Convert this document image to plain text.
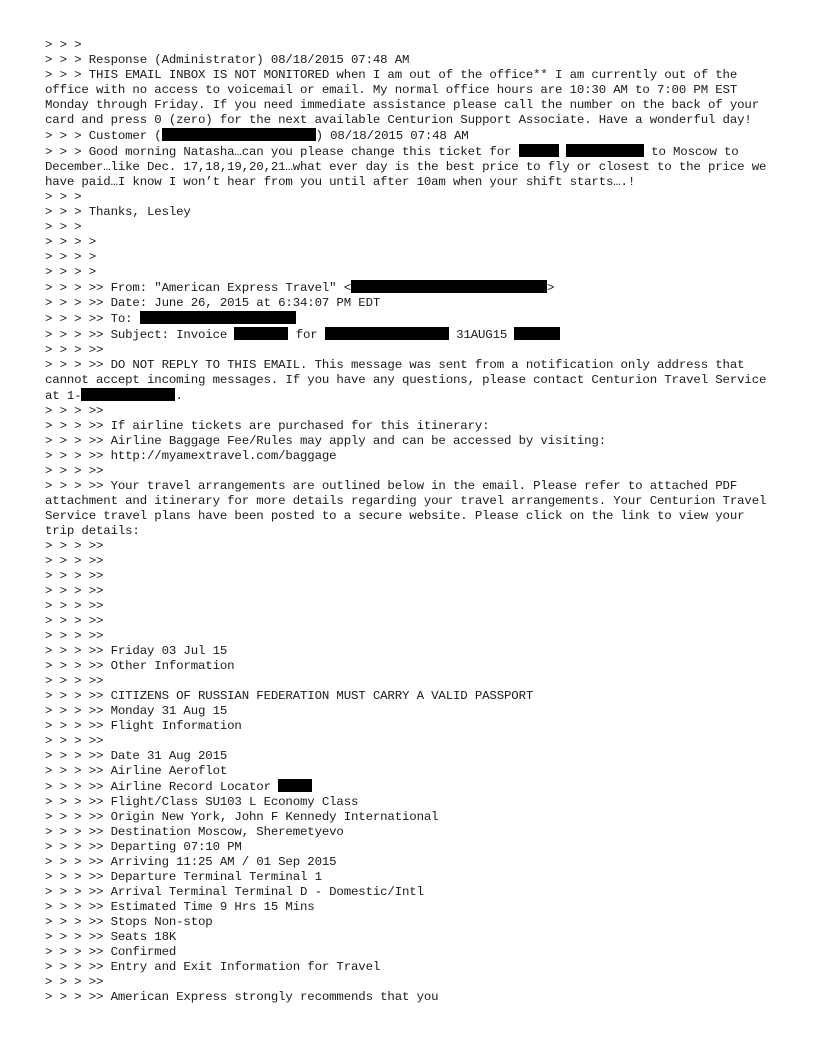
> > >
> > > Response (Administrator) 08/18/2015 07:48 AM
> > > THIS EMAIL INBOX IS NOT MONITORED when I am out of the office** I am currently out of the office with no access to voicemail or email. My normal office hours are 10:30 AM to 7:00 PM EST Monday through Friday. If you need immediate assistance please call the number on the back of your card and press 0 (zero) for the next available Centurion Support Associate. Have a wonderful day!
> > > Customer (	) 08/18/2015 07:48 AM
> > > Good morning Natasha…can you please change this ticket for	to Moscow to December…like Dec. 17,18,19,20,21…what ever day is the best price to fly or closest to the price we have paid…I know I won’t hear from you until after 10am when your shift starts….!
> > >
> > > Thanks, Lesley
> > >
> > > >
> > > >
> > > >
> > > >> From: "American Express Travel" <	>
> > > >> Date: June 26, 2015 at 6:34:07 PM EDT
> > > >> To:
> > > >> Subject: Invoice	for	31AUG15
> > > >>
> > > >> DO NOT REPLY TO THIS EMAIL. This message was sent from a notification only address that cannot accept incoming messages. If you have any questions, please contact Centurion Travel Service at 1-	.
> > > >>
> > > >> If airline tickets are purchased for this itinerary:
> > > >> Airline Baggage Fee/Rules may apply and can be accessed by visiting:
> > > >> http://myamextravel.com/baggage
> > > >>
> > > >> Your travel arrangements are outlined below in the email. Please refer to attached PDF attachment and itinerary for more details regarding your travel arrangements. Your Centurion Travel Service travel plans have been posted to a secure website. Please click on the link to view your trip details:
> > > >>
> > > >>
> > > >>
> > > >>
> > > >>
> > > >>
> > > >>
> > > >> Friday 03 Jul 15
> > > >> Other Information
> > > >>
> > > >> CITIZENS OF RUSSIAN FEDERATION MUST CARRY A VALID PASSPORT
> > > >> Monday 31 Aug 15
> > > >> Flight Information
> > > >>
> > > >> Date 31 Aug 2015
> > > >> Airline Aeroflot
> > > >> Airline Record Locator
> > > >> Flight/Class SU103 L Economy Class
> > > >> Origin New York, John F Kennedy International
> > > >> Destination Moscow, Sheremetyevo
> > > >> Departing 07:10 PM
> > > >> Arriving 11:25 AM / 01 Sep 2015
> > > >> Departure Terminal Terminal 1
> > > >> Arrival Terminal Terminal D - Domestic/Intl
> > > >> Estimated Time 9 Hrs 15 Mins
> > > >> Stops Non-stop
> > > >> Seats 18K
> > > >> Confirmed
> > > >> Entry and Exit Information for Travel
> > > >>
> > > >> American Express strongly recommends that you
